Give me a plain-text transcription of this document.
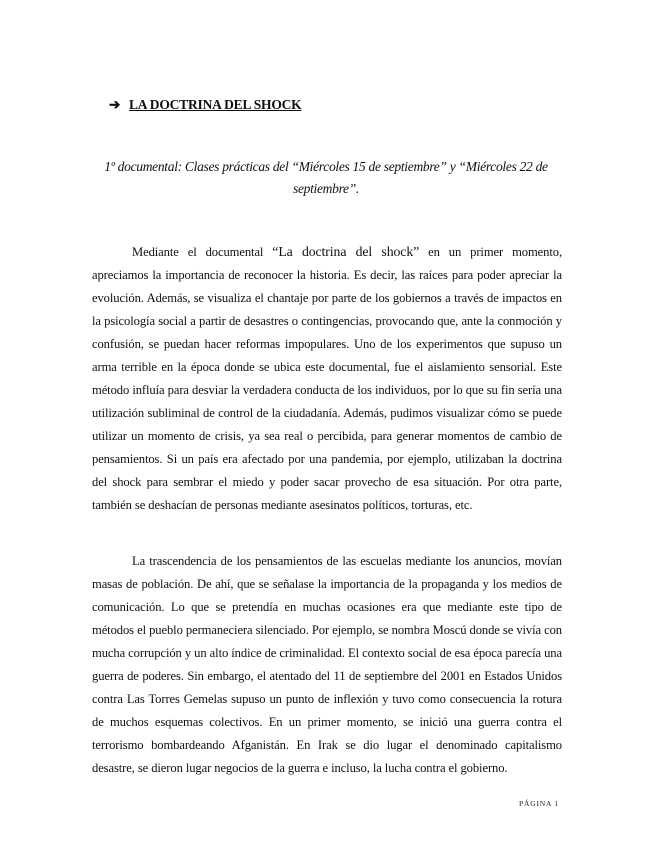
➔ LA DOCTRINA DEL SHOCK
1º documental: Clases prácticas del “Miércoles 15 de septiembre” y “Miércoles 22 de septiembre”.

Mediante el documental “La doctrina del shock” en un primer momento, apreciamos la importancia de reconocer la historia. Es decir, las raíces para poder apreciar la evolución. Además, se visualiza el chantaje por parte de los gobiernos a través de impactos en la psicología social a partir de desastres o contingencias, provocando que, ante la conmoción y confusión, se puedan hacer reformas impopulares. Uno de los experimentos que supuso un arma terrible en la época donde se ubica este documental, fue el aislamiento sensorial. Este método influía para desviar la verdadera conducta de los individuos, por lo que su fin sería una utilización subliminal de control de la ciudadanía. Además, pudimos visualizar cómo se puede utilizar un momento de crisis, ya sea real o percibida, para generar momentos de cambio de pensamientos. Si un país era afectado por una pandemia, por ejemplo, utilizaban la doctrina del shock para sembrar el miedo y poder sacar provecho de esa situación. Por otra parte, también se deshacían de personas mediante asesinatos políticos, torturas, etc.

La trascendencia de los pensamientos de las escuelas mediante los anuncios, movían masas de población. De ahí, que se señalase la importancia de la propaganda y los medios de comunicación. Lo que se pretendía en muchas ocasiones era que mediante este tipo de métodos el pueblo permaneciera silenciado. Por ejemplo, se nombra Moscú donde se vivía con mucha corrupción y un alto índice de criminalidad. El contexto social de esa época parecía una guerra de poderes. Sin embargo, el atentado del 11 de septiembre del 2001 en Estados Unidos contra Las Torres Gemelas supuso un punto de inflexión y tuvo como consecuencia la rotura de muchos esquemas colectivos. En un primer momento, se inició una guerra contra el terrorismo bombardeando Afganistán. En Irak se dio lugar el denominado capitalismo desastre, se dieron lugar negocios de la guerra e incluso, la lucha contra el gobierno.

PÁGINA 1
